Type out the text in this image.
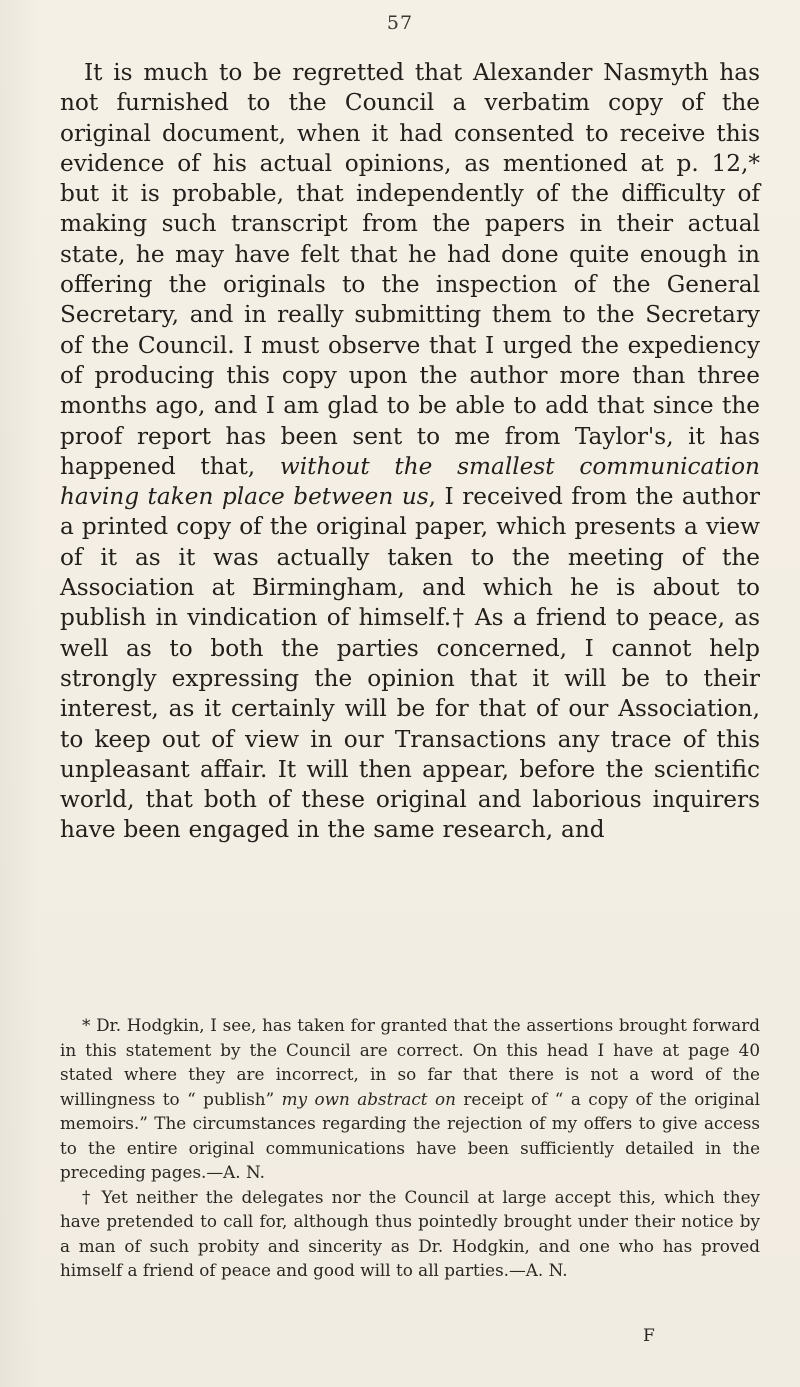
57

It is much to be regretted that Alexander Nasmyth has not furnished to the Council a verbatim copy of the original document, when it had consented to receive this evidence of his actual opinions, as mentioned at p. 12,* but it is probable, that independently of the difficulty of making such transcript from the papers in their actual state, he may have felt that he had done quite enough in offering the originals to the inspection of the General Secretary, and in really submitting them to the Secretary of the Council. I must observe that I urged the expediency of producing this copy upon the author more than three months ago, and I am glad to be able to add that since the proof report has been sent to me from Taylor's, it has happened that, without the smallest communication having taken place between us, I received from the author a printed copy of the original paper, which presents a view of it as it was actually taken to the meeting of the Association at Birmingham, and which he is about to publish in vindication of himself.† As a friend to peace, as well as to both the parties concerned, I cannot help strongly expressing the opinion that it will be to their interest, as it certainly will be for that of our Association, to keep out of view in our Transactions any trace of this unpleasant affair. It will then appear, before the scientific world, that both of these original and laborious inquirers have been engaged in the same research, and

* Dr. Hodgkin, I see, has taken for granted that the assertions brought forward in this statement by the Council are correct. On this head I have at page 40 stated where they are incorrect, in so far that there is not a word of the willingness to “ publish” my own abstract on receipt of “ a copy of the original memoirs.” The circumstances regarding the rejection of my offers to give access to the entire original communications have been sufficiently detailed in the preceding pages.—A. N.

† Yet neither the delegates nor the Council at large accept this, which they have pretended to call for, although thus pointedly brought under their notice by a man of such probity and sincerity as Dr. Hodgkin, and one who has proved himself a friend of peace and good will to all parties.—A. N.

F
